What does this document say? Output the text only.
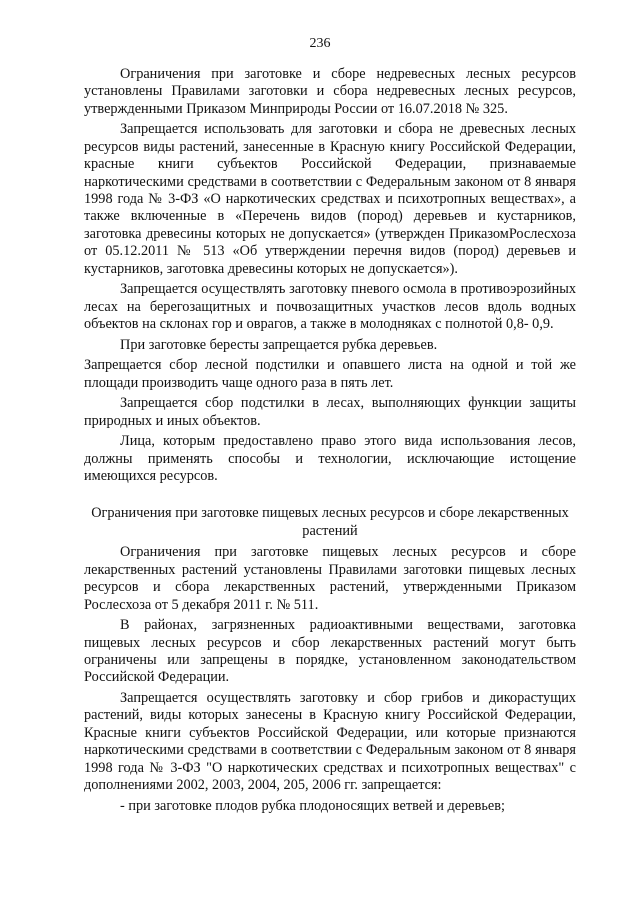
236

Ограничения при заготовке и сборе недревесных лесных ресурсов установлены Правилами заготовки и сбора недревесных лесных ресурсов, утвержденными Приказом Минприроды России от 16.07.2018 № 325.

Запрещается использовать для заготовки и сбора не древесных лесных ресурсов виды растений, занесенные в Красную книгу Российской Федерации, красные книги субъектов Российской Федерации, признаваемые наркотическими средствами в соответствии с Федеральным законом от 8 января 1998 года № 3-ФЗ «О наркотических средствах и психотропных веществах», а также включенные в «Перечень видов (пород) деревьев и кустарников, заготовка древесины которых не допускается» (утвержден ПриказомРослесхоза от 05.12.2011 № 513 «Об утверждении перечня видов (пород) деревьев и кустарников, заготовка древесины которых не допускается»).

Запрещается осуществлять заготовку пневого осмола в противоэрозийных лесах на берегозащитных и почвозащитных участков лесов вдоль водных объектов на склонах гор и оврагов, а также в молодняках с полнотой 0,8- 0,9.

При заготовке бересты запрещается рубка деревьев.

Запрещается сбор лесной подстилки и опавшего листа на одной и той же площади производить чаще одного раза в пять лет.

Запрещается сбор подстилки в лесах, выполняющих функции защиты природных и иных объектов.

Лица, которым предоставлено право этого вида использования лесов, должны применять способы и технологии, исключающие истощение имеющихся ресурсов.

Ограничения при заготовке пищевых лесных ресурсов и сборе лекарственных растений

Ограничения при заготовке пищевых лесных ресурсов и сборе лекарственных растений установлены Правилами заготовки пищевых лесных ресурсов и сбора лекарственных растений, утвержденными Приказом Рослесхоза от 5 декабря 2011 г. № 511.

В районах, загрязненных радиоактивными веществами, заготовка пищевых лесных ресурсов и сбор лекарственных растений могут быть ограничены или запрещены в порядке, установленном законодательством Российской Федерации.

Запрещается осуществлять заготовку и сбор грибов и дикорастущих растений, виды которых занесены в Красную книгу Российской Федерации, Красные книги субъектов Российской Федерации, или которые признаются наркотическими средствами в соответствии с Федеральным законом от 8 января 1998 года № 3-ФЗ "О наркотических средствах и психотропных веществах" с дополнениями 2002, 2003, 2004, 205, 2006 гг. запрещается:

- при заготовке плодов рубка плодоносящих ветвей и деревьев;
